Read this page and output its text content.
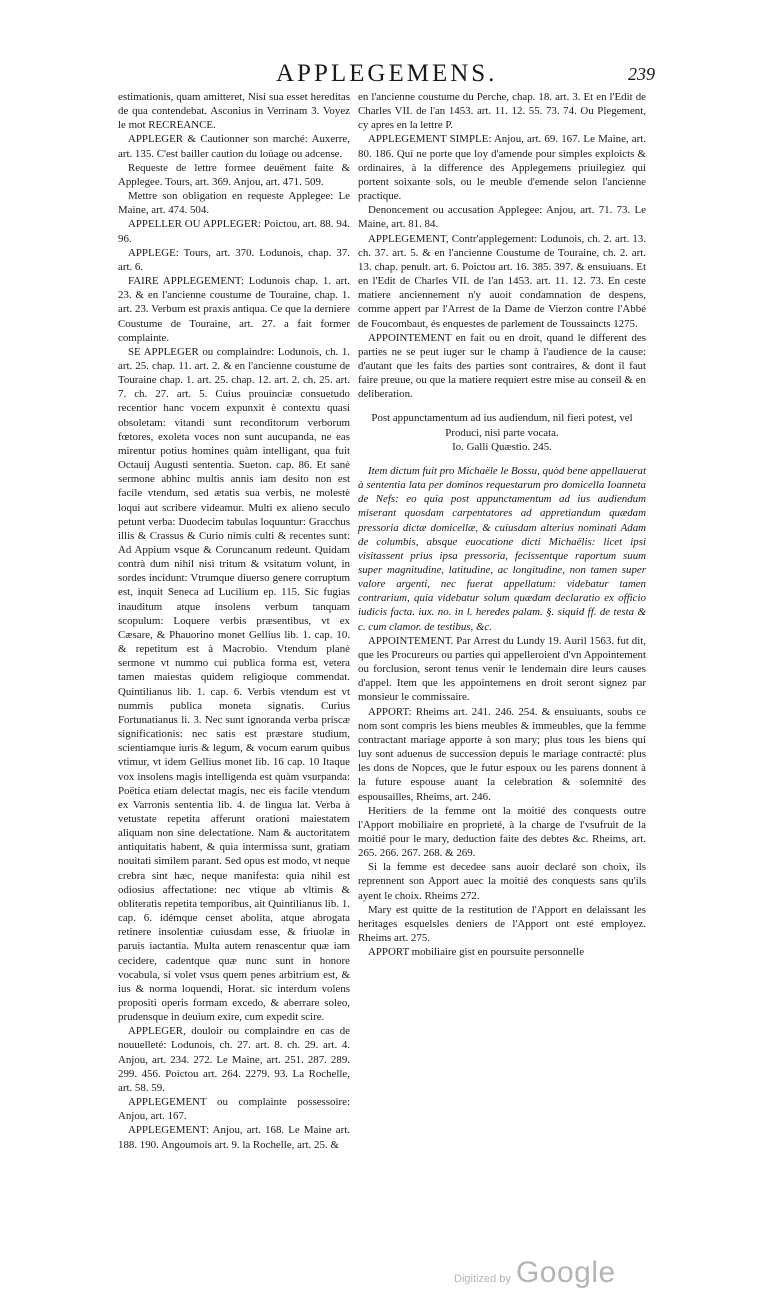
APPLEGEMENS.	239

estimationis, quam amitteret, Nisi sua esset hereditas de qua contendebat. Asconius in Verrinam 3. Voyez le mot RECREANCE.

APPLEGER & Cautionner son marché: Auxerre, art. 135. C'est bailler caution du loüage ou adcense.

Requeste de lettre formee deuëment faite & Applegee. Tours, art. 369. Anjou, art. 471. 509.

Mettre son obligation en requeste Applegee: Le Maine, art. 474. 504.

APPELLER OU APPLEGER: Poictou, art. 88. 94. 96.

APPLEGE: Tours, art. 370. Lodunois, chap. 37. art. 6.

FAIRE APPLEGEMENT: Lodunois chap. 1. art. 23. & en l'ancienne coustume de Touraine, chap. 1. art. 23. Verbum est praxis antiqua. Ce que la derniere Coustume de Touraine, art. 27. a fait former complainte.

SE APPLEGER ou complaindre: Lodunois, ch. 1. art. 25. chap. 11. art. 2. & en l'ancienne coustume de Touraine chap. 1. art. 25. chap. 12. art. 2. ch. 25. art. 7. ch. 27. art. 5. Cuius prouinciæ consuetudo recentior hanc vocem expunxit è contextu quasi obsoletam: vitandi sunt reconditorum verborum fœtores, exoleta voces non sunt aucupanda, ne eas mirentur potius homines quàm intelligant, qua fuit Octauij Augusti sententia. Sueton. cap. 86. Et sanè sermone abhinc multis annis iam desito non est facile vtendum, sed ætatis sua verbis, ne molestè loqui aut scribere videamur. Multi ex alieno seculo petunt verba: Duodecim tabulas loquuntur: Gracchus illis & Crassus & Curio nimis culti & recentes sunt: Ad Appium vsque & Coruncanum redeunt. Quidam contrà dum nihil nisi tritum & vsitatum volunt, in sordes incidunt: Vtrumque diuerso genere corruptum est, inquit Seneca ad Lucilium ep. 115. Sic fugias inauditum atque insolens verbum tanquam scopulum: Loquere verbis præsentibus, vt ex Cæsare, & Phauorino monet Gellius lib. 1. cap. 10. & repetitum est à Macrobio. Vtendum planè sermone vt nummo cui publica forma est, vetera tamen maiestas quidem religioque commendat. Quintilianus lib. 1. cap. 6. Verbis vtendum est vt nummis publica moneta signatis. Curius Fortunatianus li. 3. Nec sunt ignoranda verba priscæ significationis: nec satis est præstare studium, scientiamque iuris & legum, & vocum earum quibus vtimur, vt idem Gellius monet lib. 16 cap. 10 Itaque vox insolens magis intelligenda est quàm vsurpanda: Poëtica etiam delectat magis, nec eis facile vtendum ex Varronis sententia lib. 4. de lingua lat. Verba à vetustate repetita afferunt orationi maiestatem aliquam non sine delectatione. Nam & auctoritatem antiquitatis habent, & quia intermissa sunt, gratiam nouitati similem parant. Sed opus est modo, vt neque crebra sint hæc, neque manifesta: quia nihil est odiosius affectatione: nec vtique ab vltimis & obliteratis repetita temporibus, ait Quintilianus lib. 1. cap. 6. idémque censet abolita, atque abrogata retinere insolentiæ cuiusdam esse, & friuolæ in paruis iactantia. Multa autem renascentur quæ iam cecidere, cadentque quæ nunc sunt in honore vocabula, si volet vsus quem penes arbitrium est, & ius & norma loquendi, Horat. sic interdum volens propositi operis formam excedo, & aberrare soleo, prudensque in deuium exire, cum expedit scire.

APPLEGER, douloir ou complaindre en cas de nouuelleté: Lodunois, ch. 27. art. 8. ch. 29. art. 4. Anjou, art. 234. 272. Le Maine, art. 251. 287. 289. 299. 456. Poictou art. 264. 2279. 93. La Rochelle, art. 58. 59.

APPLEGEMENT ou complainte possessoire: Anjou, art. 167.

APPLEGEMENT: Anjou, art. 168. Le Maine art. 188. 190. Angoumois art. 9. la Rochelle, art. 25. &

en l'ancienne coustume du Perche, chap. 18. art. 3. Et en l'Edit de Charles VII. de l'an 1453. art. 11. 12. 55. 73. 74. Ou Plegement, cy apres en la lettre P.

APPLEGEMENT SIMPLE: Anjou, art. 69. 167. Le Maine, art. 80. 186. Qui ne porte que loy d'amende pour simples exploicts & ordinaires, à la difference des Applegemens priuilegiez qui portent soixante sols, ou le meuble d'emende selon l'ancienne practique.

Denoncement ou accusation Applegee: Anjou, art. 71. 73. Le Maine, art. 81. 84.

APPLEGEMENT, Contr'applegement: Lodunois, ch. 2. art. 13. ch. 37. art. 5. & en l'ancienne Coustume de Touraine, ch. 2. art. 13. chap. penult. art. 6. Poictou art. 16. 385. 397. & ensuiuans. Et en l'Edit de Charles VII. de l'an 1453. art. 11. 12. 73. En ceste matiere anciennement n'y auoit condamnation de despens, comme appert par l'Arrest de la Dame de Vierzon contre l'Abbé de Foucombaut, és enquestes de parlement de Toussaincts 1275.

APPOINTEMENT en fait ou en droit, quand le different des parties ne se peut iuger sur le champ à l'audience de la cause: d'autant que les faits des parties sont contraires, & dont il faut faire preuue, ou que la matiere requiert estre mise au conseil & en deliberation.

Post appunctamentum ad ius audiendum, nil fieri potest, vel Produci, nisi parte vocata.

Io. Galli Quæstio. 245.

Item dictum fuit pro Michaële le Bossu, quòd bene appellauerat à sententia lata per dominos requestarum pro domicella Ioanneta de Nefs: eo quia post appunctamentum ad ius audiendum miserant quosdam carpentatores ad appretiandum quædam pressoria dictæ domicellæ, & cuiusdam alterius nominati Adam de columbis, absque euocatione dicti Michaëlis: licet ipsi visitassent prius ipsa pressoria, fecissentque raportum suum super magnitudine, latitudine, ac longitudine, non tamen super valore argenti, nec fuerat appellatum: videbatur tamen contrarium, quia videbatur solum quædam declaratio ex officio iudicis facta. iux. no. in l. heredes palam. §. siquid ff. de testa & c. cum clamor. de testibus, &c.

APPOINTEMENT. Par Arrest du Lundy 19. Auril 1563. fut dit, que les Procureurs ou parties qui appelleroient d'vn Appointement ou forclusion, seront tenus venir le lendemain dire leurs causes d'appel. Item que les appointemens en droit seront signez par monsieur le commissaire.

APPORT: Rheims art. 241. 246. 254. & ensuiuants, soubs ce nom sont compris les biens meubles & immeubles, que la femme contractant mariage apporte à son mary; plus tous les biens qui luy sont aduenus de succession depuis le mariage contracté: plus les dons de Nopces, que le futur espoux ou les parens donnent à la future espouse auant la celebration & solemnité des espousailles, Rheims, art. 246.

Heritiers de la femme ont la moitié des conquests outre l'Apport mobiliaire en proprieté, à la charge de l'vsufruit de la moitié pour le mary, deduction faite des debtes &c. Rheims, art. 265. 266. 267. 268. & 269.

Si la femme est decedee sans auoir declaré son choix, ils reprennent son Apport auec la moitié des conquests sans qu'ils ayent le choix. Rheims 272.

Mary est quitte de la restitution de l'Apport en delaissant les heritages esquelsles deniers de l'Apport ont esté employez. Rheims art. 275.

APPORT mobiliaire gist en poursuite personnelle

Digitized by Google
